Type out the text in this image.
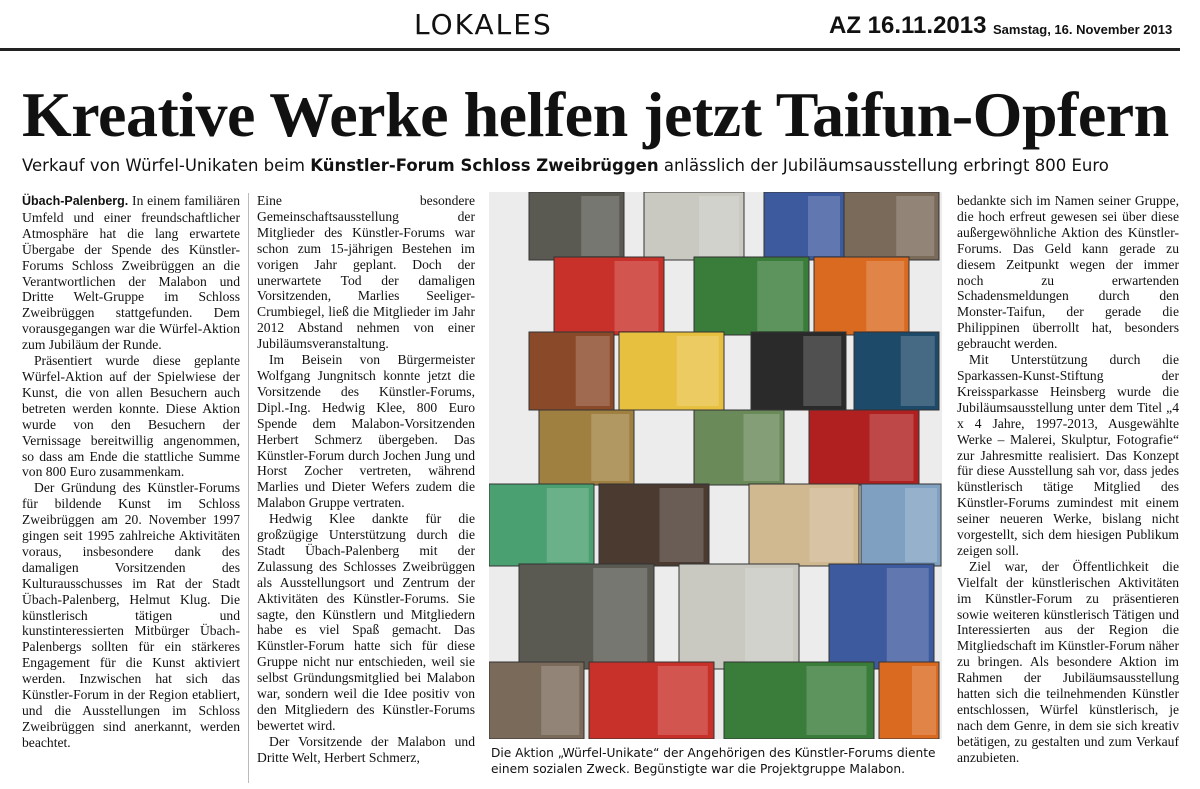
LOKALES	AZ 16.11.2013 Samstag, 16. November 2013
Kreative Werke helfen jetzt Taifun-Opfern
Verkauf von Würfel-Unikaten beim Künstler-Forum Schloss Zweibrüggen anlässlich der Jubiläumsausstellung erbringt 800 Euro

Übach-Palenberg. In einem familiären Umfeld und einer freundschaftlicher Atmosphäre hat die lang erwartete Übergabe der Spende des Künstler-Forums Schloss Zweibrüggen an die Verantwortlichen der Malabon und Dritte Welt-Gruppe im Schloss Zweibrüggen stattgefunden. Dem vorausgegangen war die Würfel-Aktion zum Jubiläum der Runde.

Präsentiert wurde diese geplante Würfel-Aktion auf der Spielwiese der Kunst, die von allen Besuchern auch betreten werden konnte. Diese Aktion wurde von den Besuchern der Vernissage bereitwillig angenommen, so dass am Ende die stattliche Summe von 800 Euro zusammenkam.

Der Gründung des Künstler-Forums für bildende Kunst im Schloss Zweibrüggen am 20. November 1997 gingen seit 1995 zahlreiche Aktivitäten voraus, insbesondere dank des damaligen Vorsitzenden des Kulturausschusses im Rat der Stadt Übach-Palenberg, Helmut Klug. Die künstlerisch tätigen und kunstinteressierten Mitbürger Übach-Palenbergs sollten für ein stärkeres Engagement für die Kunst aktiviert werden. Inzwischen hat sich das Künstler-Forum in der Region etabliert, und die Ausstellungen im Schloss Zweibrüggen sind anerkannt, werden beachtet.

Eine besondere Gemeinschaftsausstellung der Mitglieder des Künstler-Forums war schon zum 15-jährigen Bestehen im vorigen Jahr geplant. Doch der unerwartete Tod der damaligen Vorsitzenden, Marlies Seeliger-Crumbiegel, ließ die Mitglieder im Jahr 2012 Abstand nehmen von einer Jubiläumsveranstaltung.

Im Beisein von Bürgermeister Wolfgang Jungnitsch konnte jetzt die Vorsitzende des Künstler-Forums, Dipl.-Ing. Hedwig Klee, 800 Euro Spende dem Malabon-Vorsitzenden Herbert Schmerz übergeben. Das Künstler-Forum durch Jochen Jung und Horst Zocher vertreten, während Marlies und Dieter Wefers zudem die Malabon Gruppe vertraten.

Hedwig Klee dankte für die großzügige Unterstützung durch die Stadt Übach-Palenberg mit der Zulassung des Schlosses Zweibrüggen als Ausstellungsort und Zentrum der Aktivitäten des Künstler-Forums. Sie sagte, den Künstlern und Mitgliedern habe es viel Spaß gemacht. Das Künstler-Forum hatte sich für diese Gruppe nicht nur entschieden, weil sie selbst Gründungsmitglied bei Malabon war, sondern weil die Idee positiv von den Mitgliedern des Künstler-Forums bewertet wird.

Der Vorsitzende der Malabon und Dritte Welt, Herbert Schmerz,	Die Aktion „Würfel-Unikate“ der Angehörigen des Künstler-Forums diente einem sozialen Zweck. Begünstigte war die Projektgruppe Malabon.

bedankte sich im Namen seiner Gruppe, die hoch erfreut gewesen sei über diese außergewöhnliche Aktion des Künstler-Forums. Das Geld kann gerade zu diesem Zeitpunkt wegen der immer noch zu erwartenden Schadensmeldungen durch den Monster-Taifun, der gerade die Philippinen überrollt hat, besonders gebraucht werden.

Mit Unterstützung durch die Sparkassen-Kunst-Stiftung der Kreissparkasse Heinsberg wurde die Jubiläumsausstellung unter dem Titel „4 x 4 Jahre, 1997-2013, Ausgewählte Werke – Malerei, Skulptur, Fotografie“ zur Jahresmitte realisiert. Das Konzept für diese Ausstellung sah vor, dass jedes künstlerisch tätige Mitglied des Künstler-Forums zumindest mit einem seiner neueren Werke, bislang nicht vorgestellt, sich dem hiesigen Publikum zeigen soll.

Ziel war, der Öffentlichkeit die Vielfalt der künstlerischen Aktivitäten im Künstler-Forum zu präsentieren sowie weiteren künstlerisch Tätigen und Interessierten aus der Region die Mitgliedschaft im Künstler-Forum näher zu bringen. Als besondere Aktion im Rahmen der Jubiläumsausstellung hatten sich die teilnehmenden Künstler entschlossen, Würfel künstlerisch, je nach dem Genre, in dem sie sich kreativ betätigen, zu gestalten und zum Verkauf anzubieten.
